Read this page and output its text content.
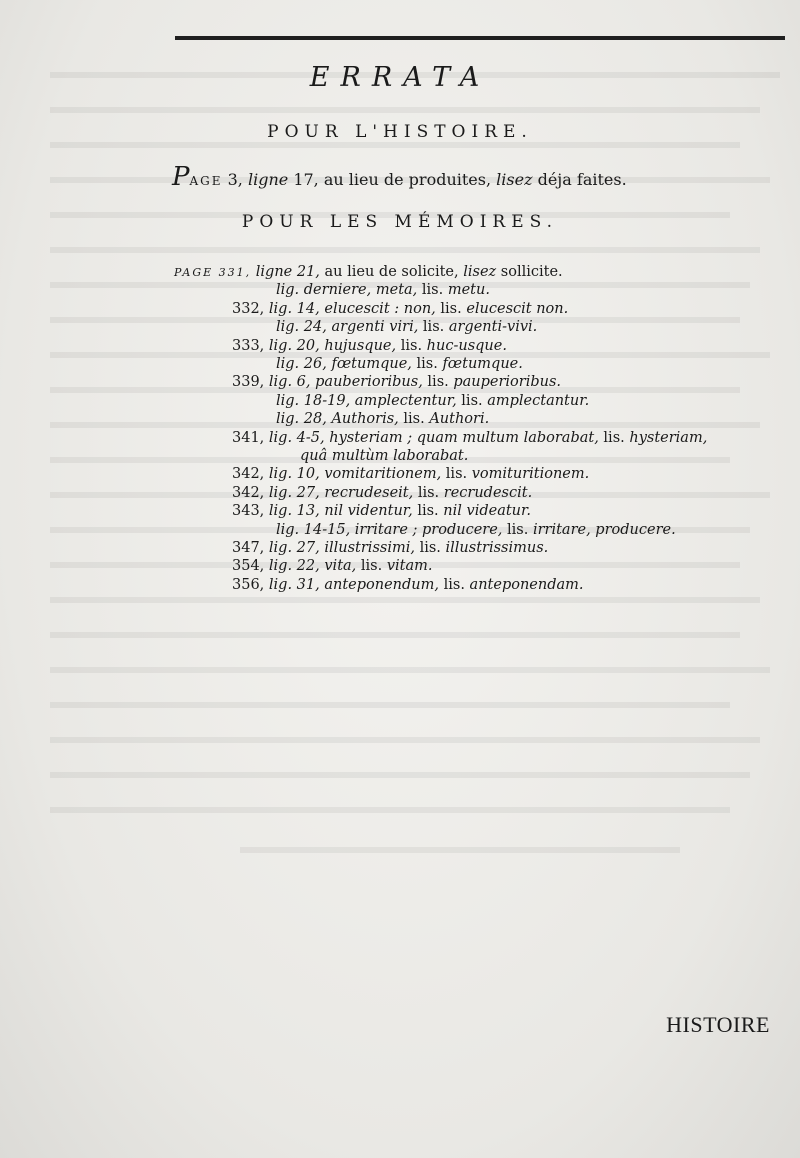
ERRATA
POUR L'HISTOIRE.
PAGE 3, ligne 17, au lieu de produites, lisez déja faites.
POUR LES MÉMOIRES.
PAGE 331, ligne 21, au lieu de solicite, lisez sollicite.
lig. derniere, meta, lis. metu.
332, lig. 14, elucescit : non, lis. elucescit non.
lig. 24, argenti viri, lis. argenti-vivi.
333, lig. 20, hujusque, lis. huc-usque.
lig. 26, fœtumque, lis. fœtumque.
339, lig. 6, pauberioribus, lis. pauperioribus.
lig. 18-19, amplectentur, lis. amplectantur.
lig. 28, Authoris, lis. Authori.
341, lig. 4-5, hysteriam ; quam multum laborabat, lis. hysteriam,
quâ multùm laborabat.
342, lig. 10, vomitaritionem, lis. vomituritionem.
342, lig. 27, recrudeseit, lis. recrudescit.
343, lig. 13, nil videntur, lis. nil videatur.
lig. 14-15, irritare ; producere, lis. irritare, producere.
347, lig. 27, illustrissimi, lis. illustrissimus.
354, lig. 22, vita, lis. vitam.
356, lig. 31, anteponendum, lis. anteponendam.
HISTOIRE
